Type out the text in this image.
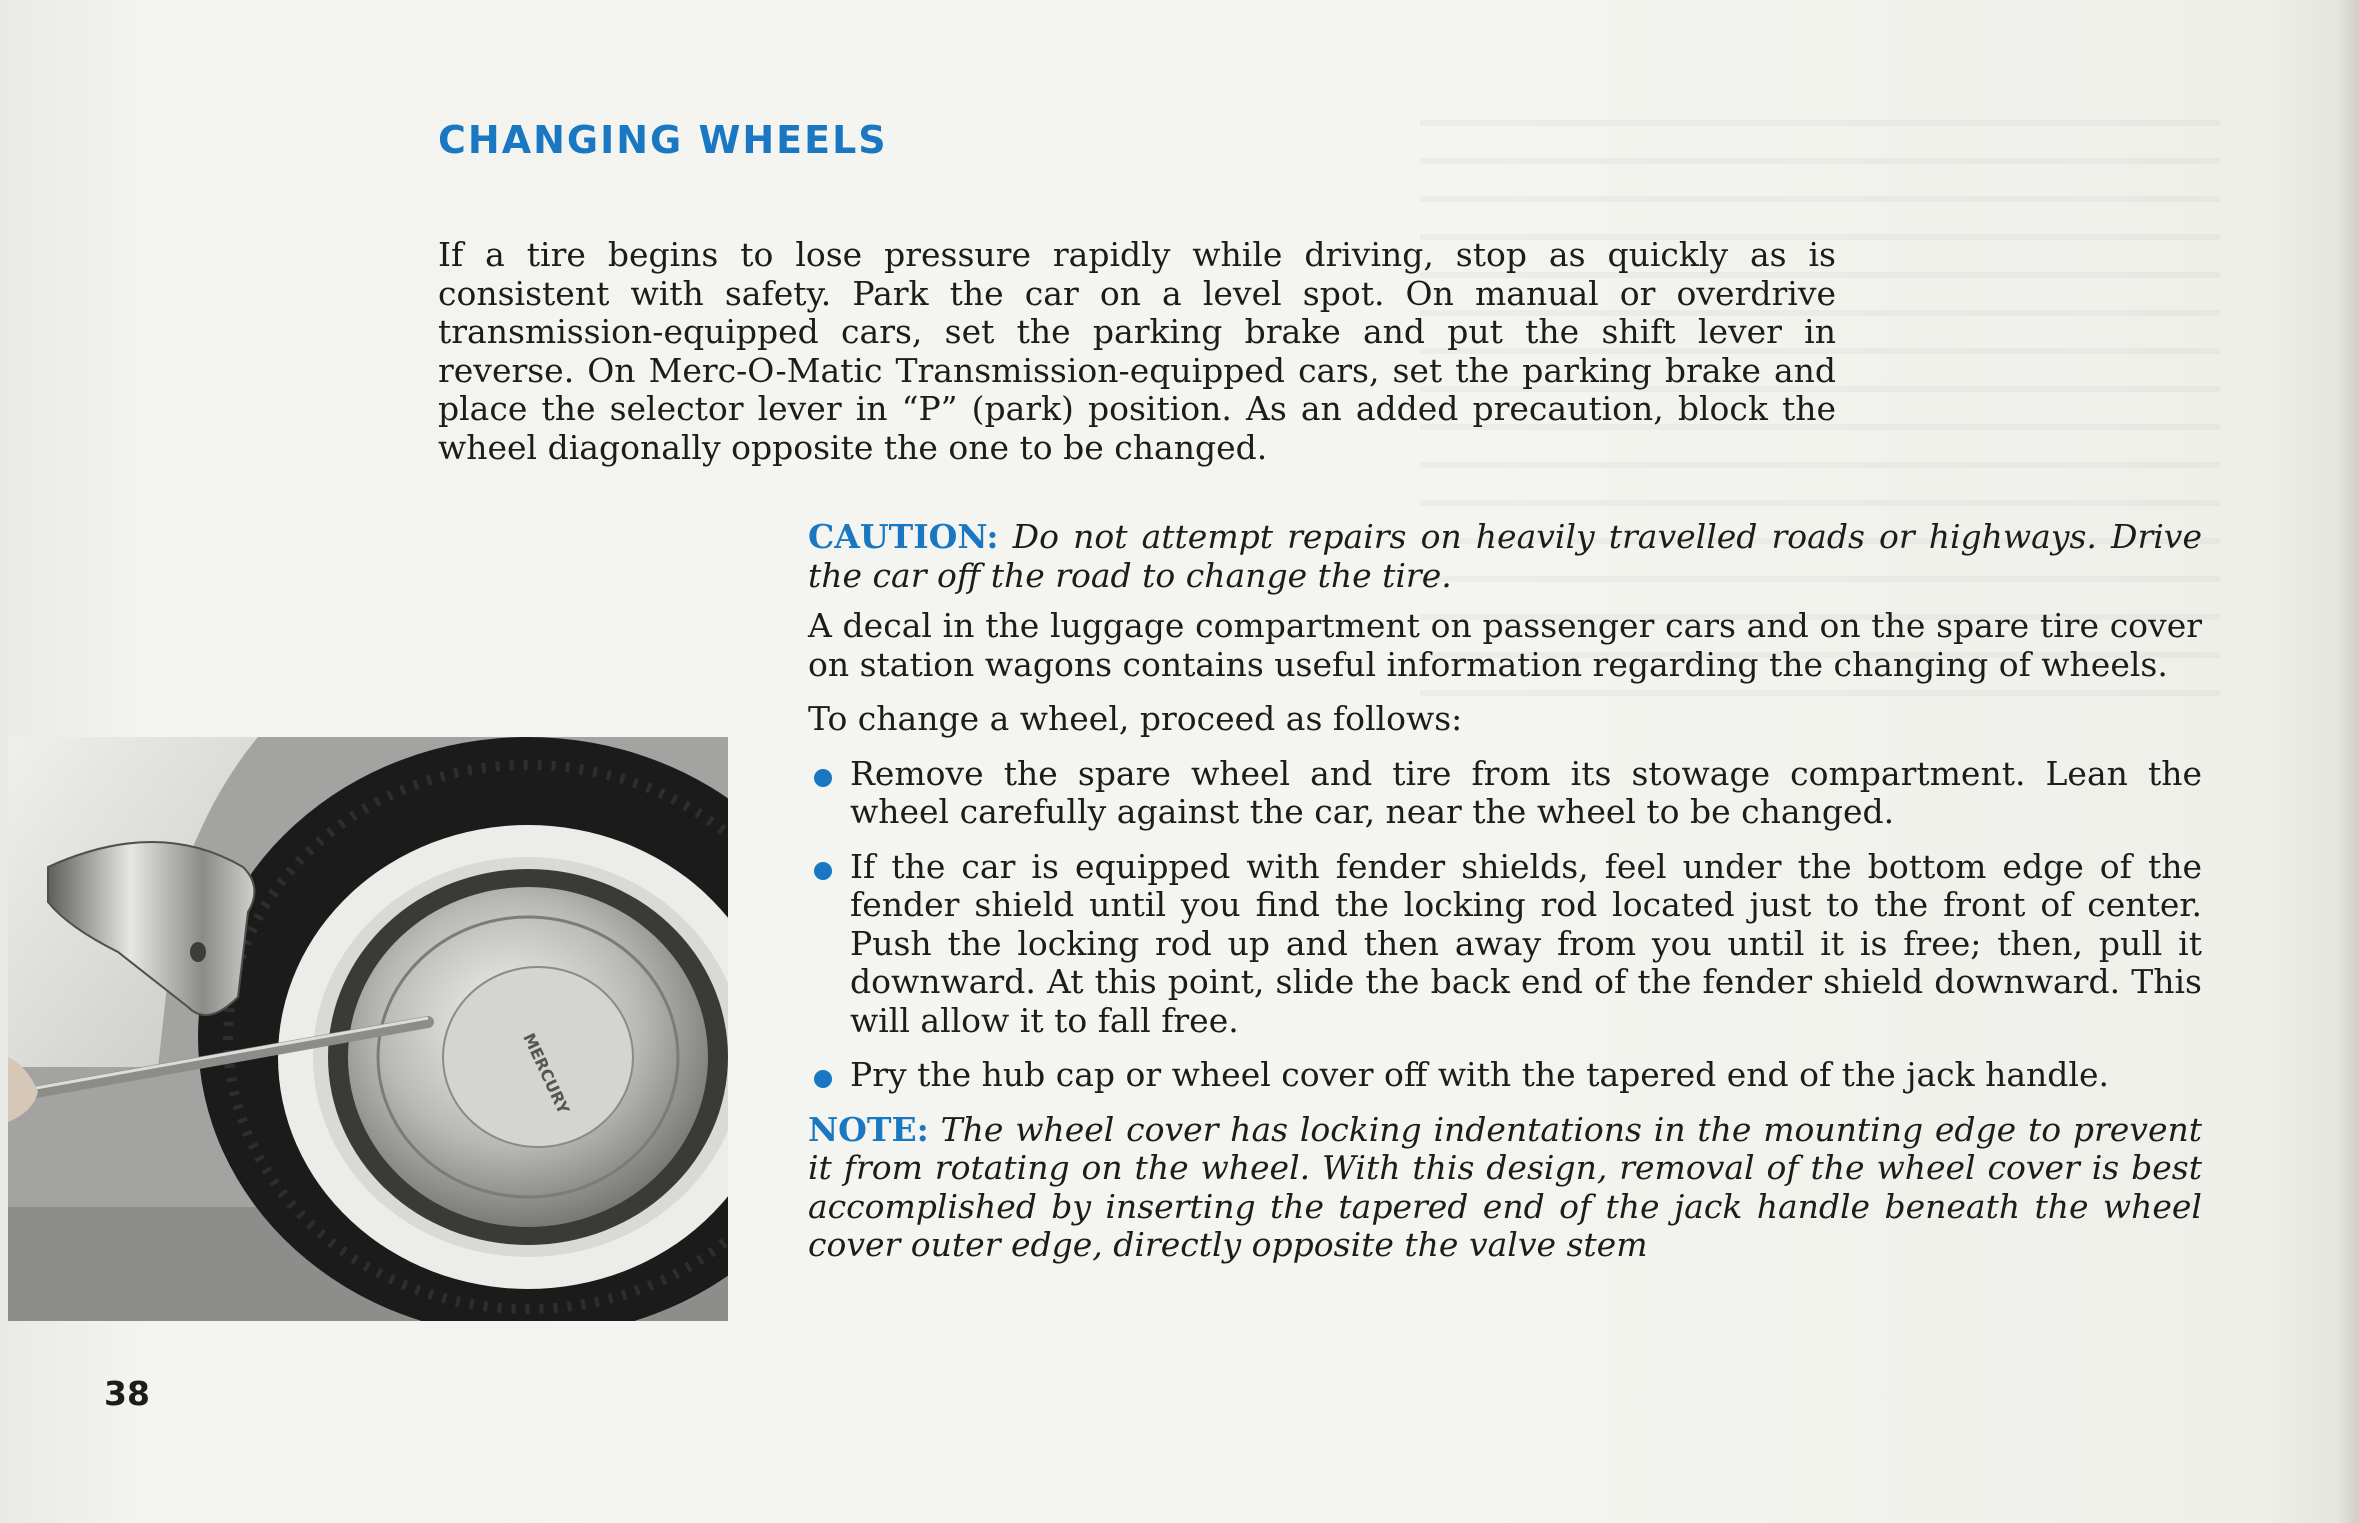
CHANGING WHEELS

If a tire begins to lose pressure rapidly while driving, stop as quickly as is consistent with safety. Park the car on a level spot. On manual or overdrive transmission-equipped cars, set the parking brake and put the shift lever in reverse. On Merc-O-Matic Transmission-equipped cars, set the parking brake and place the selector lever in “P” (park) position. As an added precaution, block the wheel diagonally opposite the one to be changed.

CAUTION: Do not attempt repairs on heavily travelled roads or highways. Drive the car off the road to change the tire.

A decal in the luggage compartment on passenger cars and on the spare tire cover on station wagons contains useful information regarding the changing of wheels.

To change a wheel, proceed as follows:

Remove the spare wheel and tire from its stowage compartment. Lean the wheel carefully against the car, near the wheel to be changed.
If the car is equipped with fender shields, feel under the bottom edge of the fender shield until you find the locking rod located just to the front of center. Push the locking rod up and then away from you until it is free; then, pull it downward. At this point, slide the back end of the fender shield downward. This will allow it to fall free.
Pry the hub cap or wheel cover off with the tapered end of the jack handle.

NOTE: The wheel cover has locking indentations in the mounting edge to prevent it from rotating on the wheel. With this design, removal of the wheel cover is best accomplished by inserting the tapered end of the jack handle beneath the wheel cover outer edge, directly opposite the valve stem

MERCURY
38
